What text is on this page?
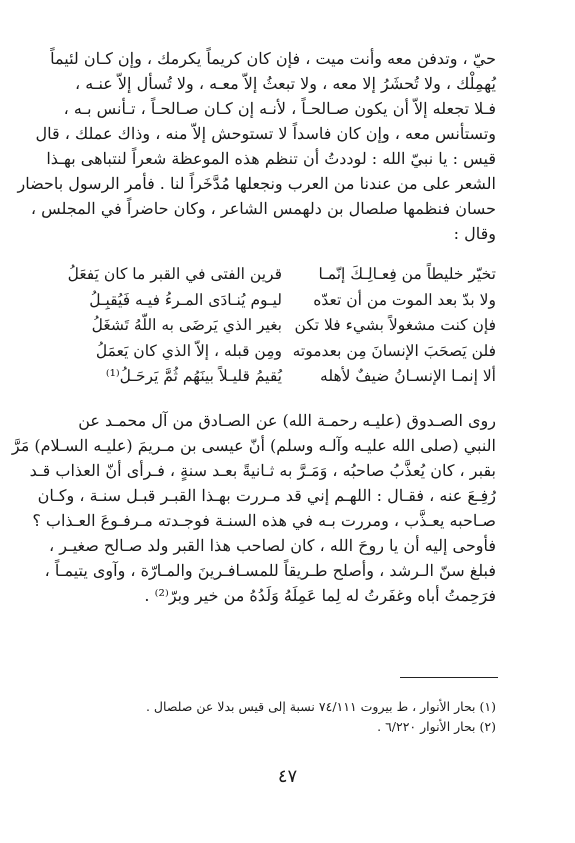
حيّ ، وتدفن معه وأنت ميت ، فإن كان كريماً يكرمك ، وإن كـان لئيماً
يُهمِلْك ، ولا تُحشَرُ إلا معه ، ولا تبعثُ إلاّ معـه ، ولا تُسأل إلاّ عنـه ،
فـلا تجعله إلاّ أن يكون صـالحـاً ، لأنـه إن كـان صـالحـاً ، تـأنس بـه ،
وتستأنس معه ، وإن كان فاسداً لا تستوحش إلاّ منه ، وذاك عملك ، قال
قيس : يا نبيّ الله : لوددتُ أن تنظم هذه الموعظة شعراً لنتباهى بهـذا
الشعر على من عندنا من العرب ونجعلها مُدَّخَراً لنا . فأمر الرسول باحضار
حسان فنظمها صلصال بن دلهمس الشاعر ، وكان حاضراً في المجلس ،
وقال :
تخيّر خليطاً من فِعـالِـكَ إنّمـا
قرين الفتى في القبر ما كان يَفعَلُ
ولا بدّ بعد الموت من أن تعدّه
ليـوم يُنـادَى المـرءُ فيـه فَيُقبِـلُ
فإن كنت مشغولاً بشيء فلا تكن
بغير الذي يَرضَى به اللّهُ تَشغَلُ
فلن يَصحَبَ الإنسانَ مِن بعدموته
ومِن قبله ، إلاّ الذي كان يَعمَلُ
ألا إنمـا الإنسـانُ ضيفٌ لأهله
يُقيمُ قليـلاً بينَهُم ثُمَّ يَرحَـلُ⁽¹⁾
روى الصـدوق (عليـه رحمـة الله) عن الصـادق من آل محمـد عن
النبي (صلى الله عليـه وآلـه وسلم) أنّ عيسى بن مـريمَ (عليـه السـلام) مَرَّ
بقبر ، كان يُعذَّبُ صاحبُه ، وَمَـرَّ به ثـانيةً بعـد سنةٍ ، فـرأى أنّ العذاب قـد
رُفِـعَ عنه ، فقـال : اللهـم إني قد مـررت بهـذا القبـر قبـل سنـة ، وكـان
صـاحبه يعـذَّب ، ومررت بـه في هذه السنـة فوجـدته مـرفـوعَ العـذاب ؟
فأوحى إليه أن يا روحَ الله ، كان لصاحب هذا القبر ولد صـالح صغيـر ،
فبلغ سنّ الـرشد ، وأصلح طـريقاً للمسـافـرينَ والمـارّة ، وآوى يتيمـاً ،
فرَحِمتُ أباه وغفَرتُ له لِما عَمِلَهُ وَلَدُهُ من خير وبرّ⁽²⁾ .
(١) بحار الأنوار ، ط بيروت ٧٤/١١١ نسبة إلى قيس بدلا عن صلصال .
(٢) بحار الأنوار ٦/٢٢٠ .
٤٧
